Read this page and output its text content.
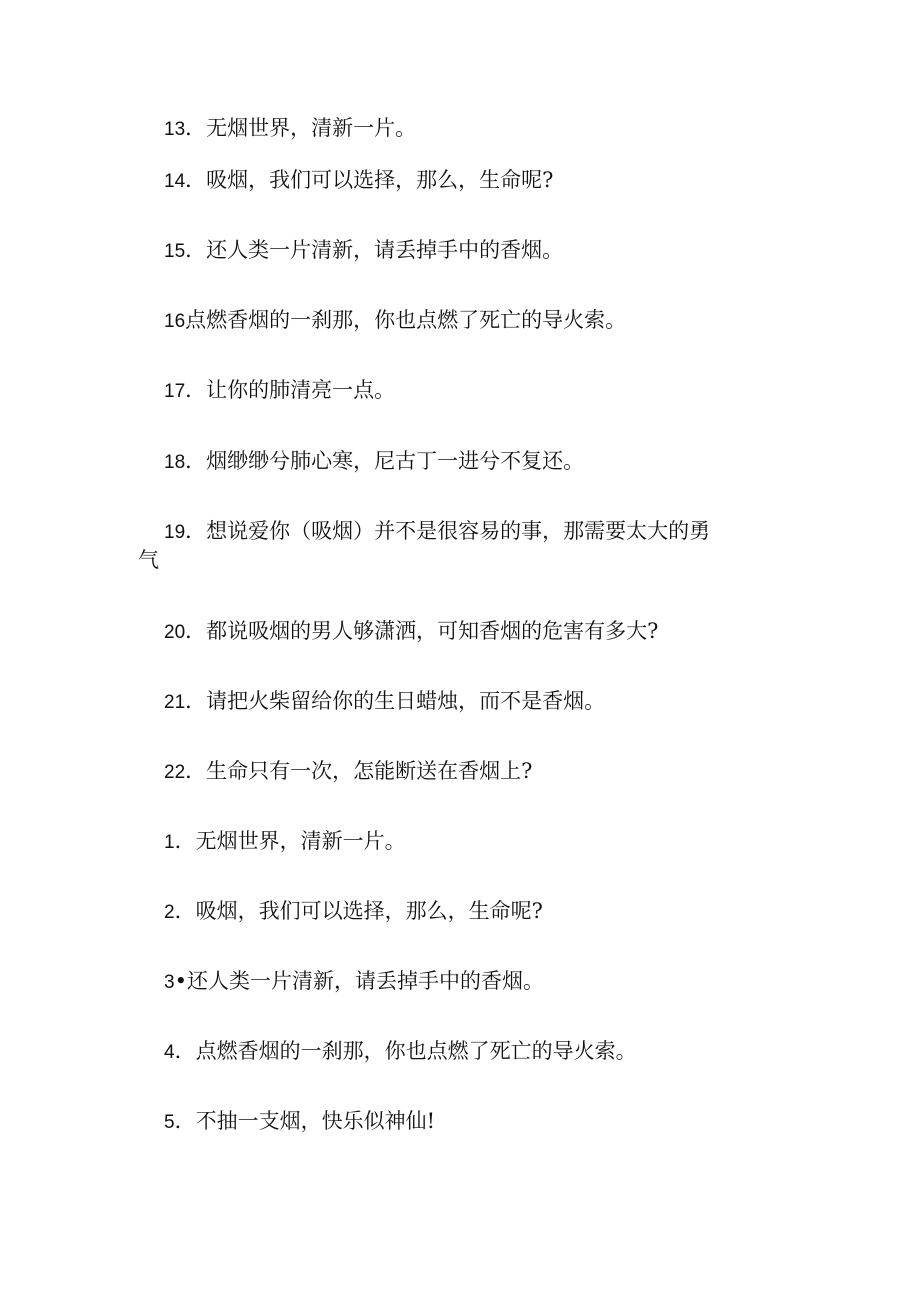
13．无烟世界，清新一片。
14．吸烟，我们可以选择，那么，生命呢?
15．还人类一片清新，请丢掉手中的香烟。
16点燃香烟的一刹那，你也点燃了死亡的导火索。
17．让你的肺清亮一点。
18．烟缈缈兮肺心寒，尼古丁一进兮不复还。
19．想说爱你（吸烟）并不是很容易的事，那需要太大的勇
气
20．都说吸烟的男人够潇洒，可知香烟的危害有多大?
21．请把火柴留给你的生日蜡烛，而不是香烟。
22．生命只有一次，怎能断送在香烟上?
1．无烟世界，清新一片。
2．吸烟，我们可以选择，那么，生命呢?
3•还人类一片清新，请丢掉手中的香烟。
4．点燃香烟的一刹那，你也点燃了死亡的导火索。
5．不抽一支烟，快乐似神仙!
